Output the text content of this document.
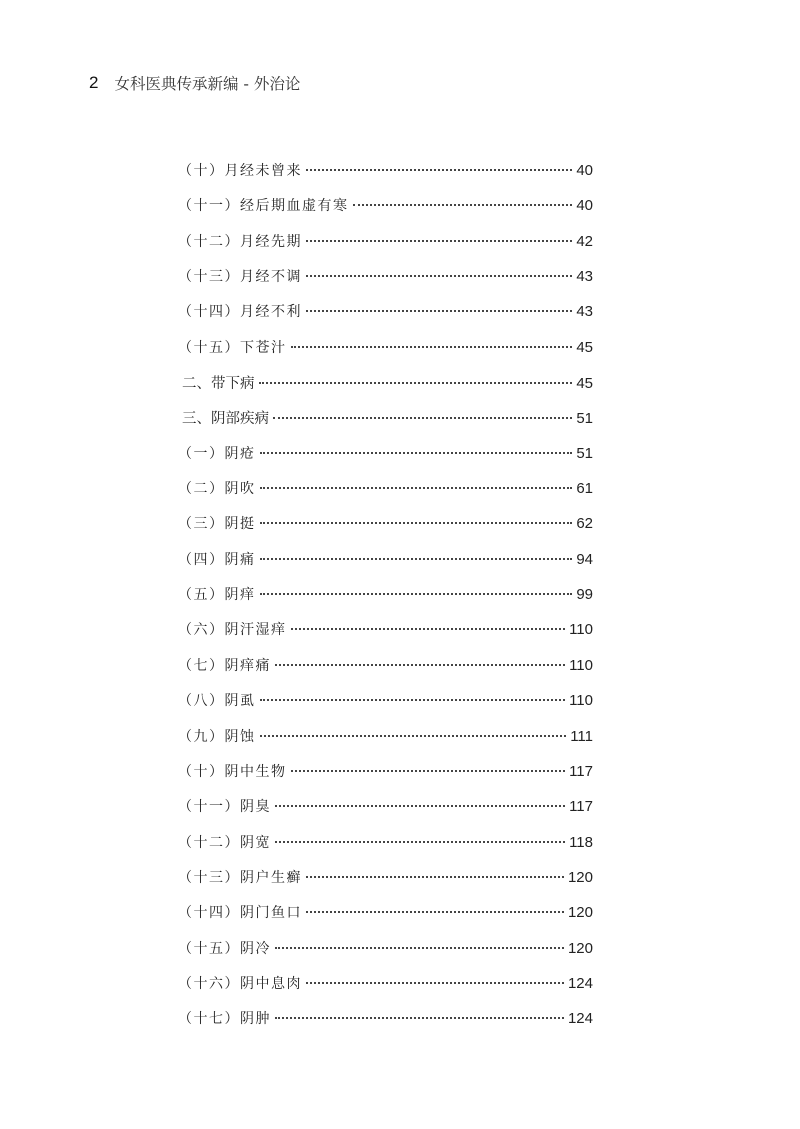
2 女科医典传承新编 - 外治论
（十）月经未曾来	40
（十一）经后期血虚有寒	40
（十二）月经先期	42
（十三）月经不调	43
（十四）月经不利	43
（十五）下苍汁	45
二、带下病	45
三、阴部疾病	51
（一）阴疮	51
（二）阴吹	61
（三）阴挺	62
（四）阴痛	94
（五）阴痒	99
（六）阴汗湿痒	110
（七）阴痒痛	110
（八）阴虱	110
（九）阴蚀	111
（十）阴中生物	117
（十一）阴臭	117
（十二）阴宽	118
（十三）阴户生癣	120
（十四）阴门鱼口	120
（十五）阴冷	120
（十六）阴中息肉	124
（十七）阴肿	124
